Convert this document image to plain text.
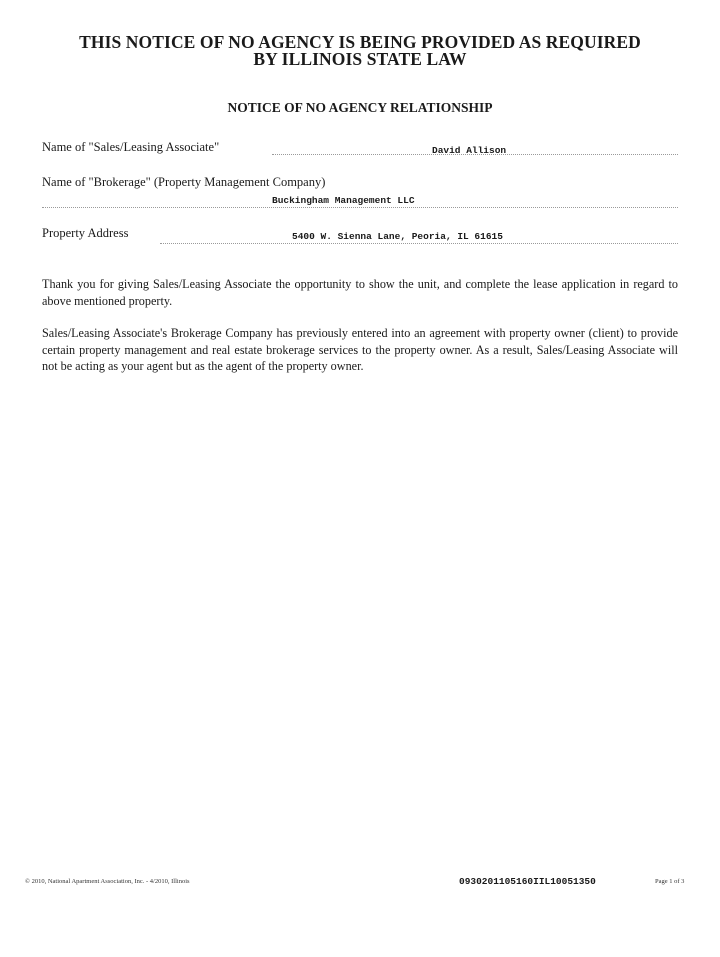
THIS NOTICE OF NO AGENCY IS BEING PROVIDED AS REQUIRED
BY ILLINOIS STATE LAW
NOTICE OF NO AGENCY RELATIONSHIP
Name of "Sales/Leasing Associate"	David Allison
Name of "Brokerage" (Property Management Company)
Buckingham Management LLC
Property Address	5400 W. Sienna Lane, Peoria, IL 61615

Thank you for giving Sales/Leasing Associate the opportunity to show the unit, and complete the lease application in regard to above mentioned property.

Sales/Leasing Associate's Brokerage Company has previously entered into an agreement with property owner (client) to provide certain property management and real estate brokerage services to the property owner. As a result, Sales/Leasing Associate will not be acting as your agent but as the agent of the property owner.

© 2010, National Apartment Association, Inc. - 4/2010, Illinois	0930201105160IIL10051350	Page 1 of 3
